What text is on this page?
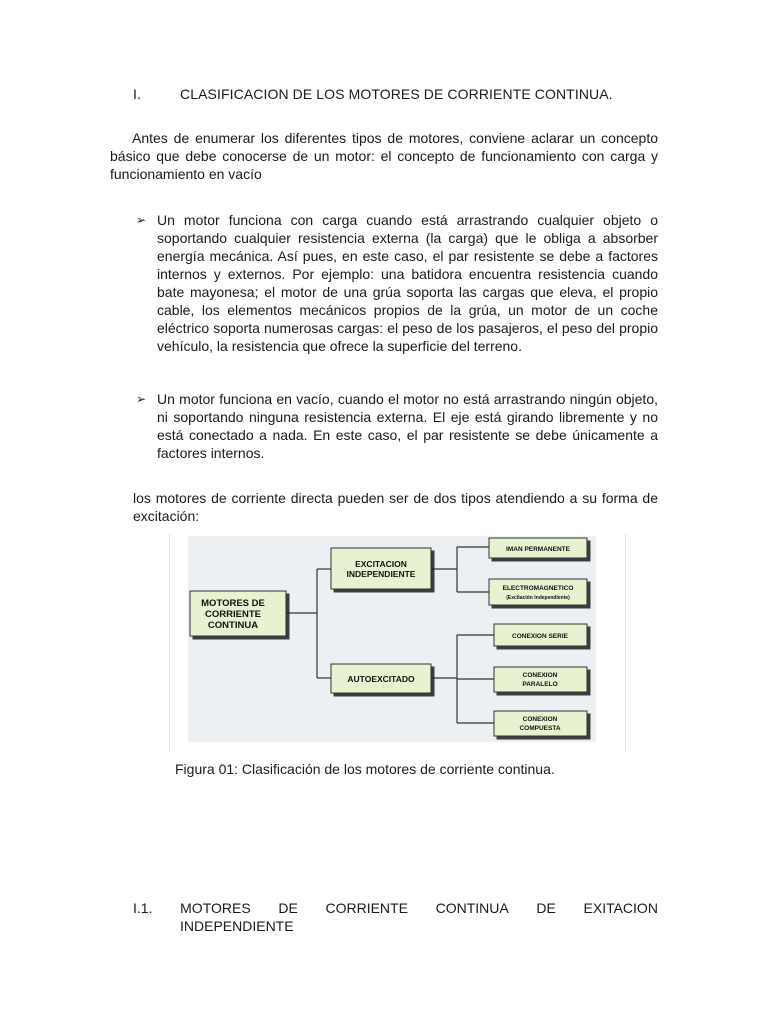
I.	CLASIFICACION DE LOS MOTORES DE CORRIENTE CONTINUA.
Antes de enumerar los diferentes tipos de motores, conviene aclarar un concepto básico que debe conocerse de un motor: el concepto de funcionamiento con carga y funcionamiento en vacío
➢ Un motor funciona con carga cuando está arrastrando cualquier objeto o soportando cualquier resistencia externa (la carga) que le obliga a absorber energía mecánica. Así pues, en este caso, el par resistente se debe a factores internos y externos. Por ejemplo: una batidora encuentra resistencia cuando bate mayonesa; el motor de una grúa soporta las cargas que eleva, el propio cable, los elementos mecánicos propios de la grúa, un motor de un coche eléctrico soporta numerosas cargas: el peso de los pasajeros, el peso del propio vehículo, la resistencia que ofrece la superficie del terreno.
➢ Un motor funciona en vacío, cuando el motor no está arrastrando ningún objeto, ni soportando ninguna resistencia externa. El eje está girando libremente y no está conectado a nada. En este caso, el par resistente se debe únicamente a factores internos.
los motores de corriente directa pueden ser de dos tipos atendiendo a su forma de excitación:
MOTORES DE
CORRIENTE
CONTINUA
EXCITACION
INDEPENDIENTE
AUTOEXCITADO
IMAN PERMANENTE
ELECTROMAGNETICO
(Excitación Independiente)
CONEXION SERIE
CONEXION
PARALELO
CONEXION
COMPUESTA
Figura 01: Clasificación de los motores de corriente continua.
I.1. MOTORES DE CORRIENTE CONTINUA DE EXITACION
INDEPENDIENTE
